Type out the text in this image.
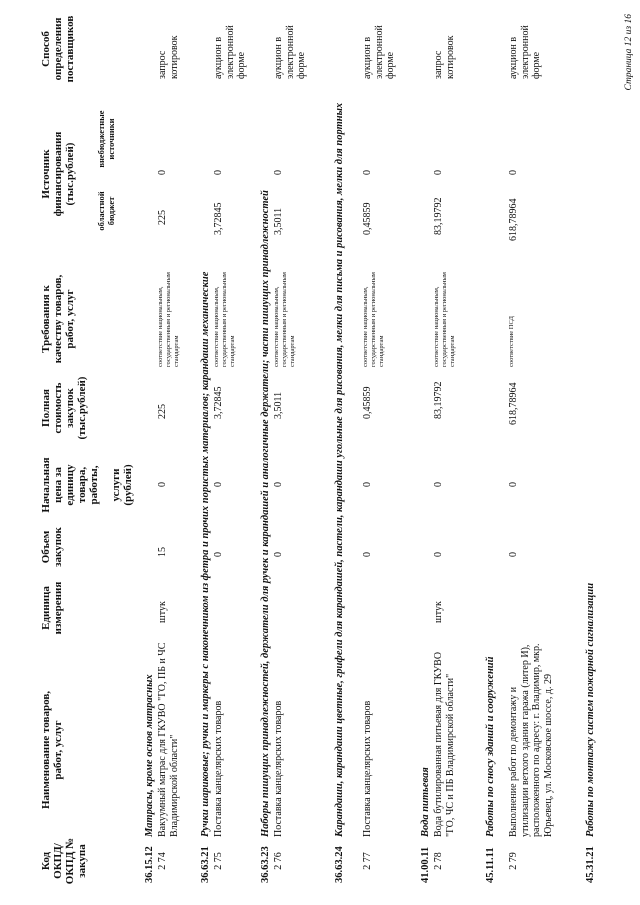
Код ОКПД/ ОКПД № закупа
Наименование товаров, работ, услуг
Единица измерения
Объем закупок
Начальная цена за единицу товара, работы, услуги (рублей)
Полная стоимость закупок (тыс.рублей)
Требования к качеству товаров, работ, услуг
Источник финансирования (тыс.рублей)
областной бюджет
внебюджетные источники
Способ определения поставщиков
36.15.12Матрасы, кроме основ матрасных
2 74
Вакуумный матрас для ГКУВО "ГО, ПБ и ЧС Владимирской области"
штук
15
0
225
соответствие национальным, государственным и региональным стандартам
225
0
запрос котировок
36.63.21Ручки шариковые; ручки и маркеры с наконечником из фетра и прочих пористых материалов; карандаши механические
2 75
Поставка канцелярских товаров
0
0
3,72845
соответствие национальным, государственным и региональным стандартам
3,72845
0
аукцион в электронной форме
36.63.23Наборы пишущих принадлежностей, держатели для ручек и карандашей и аналогичные держатели; части пишущих принадлежностей
2 76
Поставка канцелярских товаров
0
0
3,5011
соответствие национальным, государственным и региональным стандартам
3,5011
0
аукцион в электронной форме
36.63.24Карандаши, карандаши цветные, грифели для карандашей, пастели, карандаши угольные для рисования, мелки для письма и рисования, мелки для портных
2 77
Поставка канцелярских товаров
0
0
0,45859
соответствие национальным, государственным и региональным стандартам
0,45859
0
аукцион в электронной форме
41.00.11Вода питьевая
2 78
Вода бутилированная питьевая для ГКУВО "ГО, ЧС и ПБ Владимирской области"
штук
0
0
83,19792
соответствие национальным, государственным и региональным стандартам
83,19792
0
запрос котировок
45.11.11Работы по сносу зданий и сооружений
2 79
Выполнение работ по демонтажу и утилизации ветхого здания гаража (литер И), расположенного по адресу: г. Владимир, мкр. Юрьевец, ул. Московское шоссе, д. 29
0
0
618,78964
соответствие ПСД
618,78964
0
аукцион в электронной форме
45.31.21Работы по монтажу систем пожарной сигнализации
Страница 12 из 16
